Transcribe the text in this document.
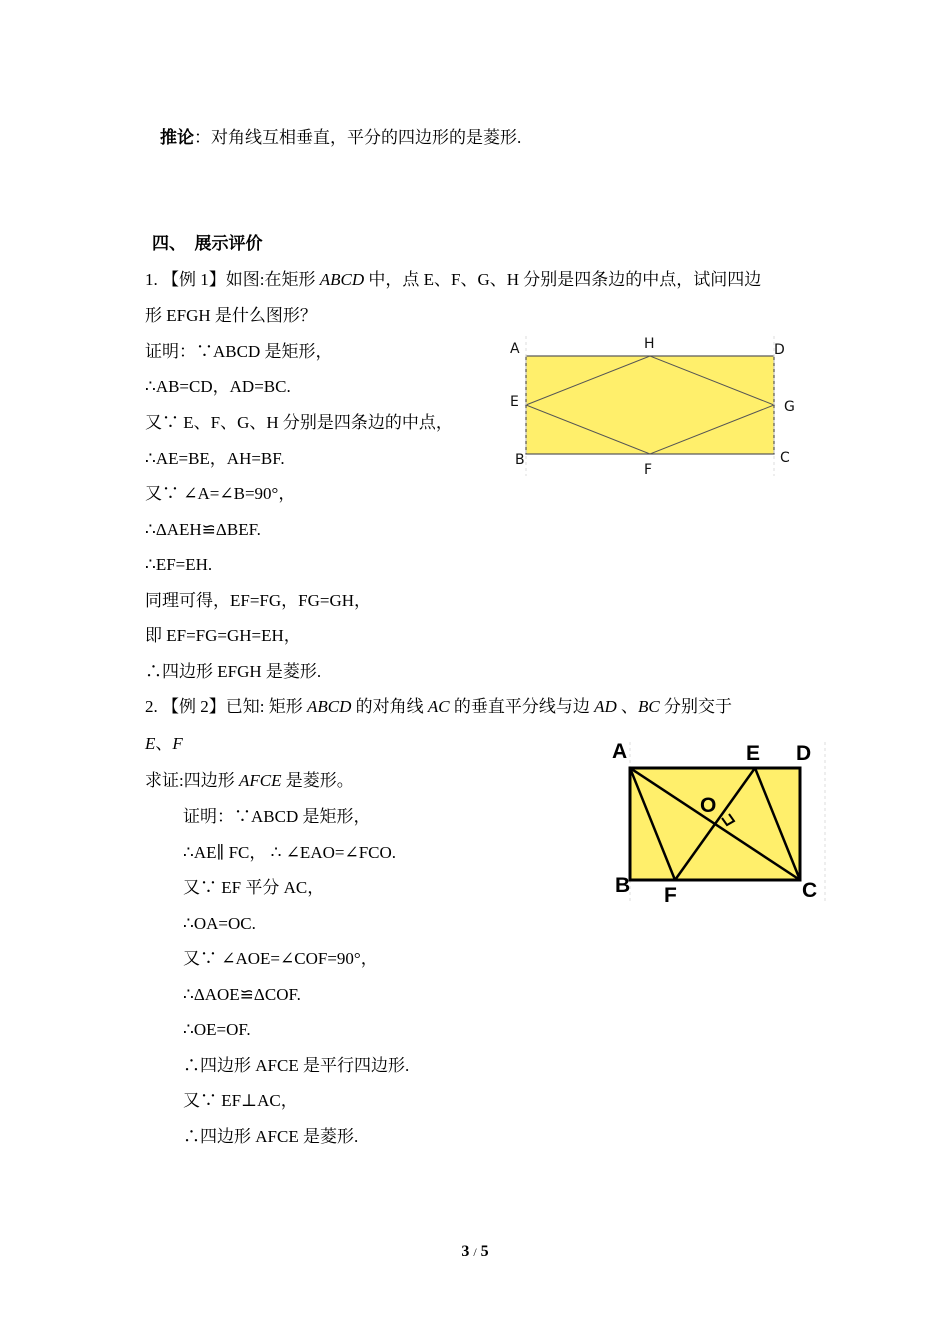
推论：对角线互相垂直，平分的四边形的是菱形.
四、  展示评价
1. 【例 1】如图:在矩形 ABCD 中，点 E、F、G、H 分别是四条边的中点，试问四边
形 EFGH 是什么图形？
证明：∵ABCD 是矩形，
∴AB=CD，AD=BC.
又∵ E、F、G、H 分别是四条边的中点，
∴AE=BE，AH=BF.
又∵ ∠A=∠B=90°，
∴ΔAEH≌ΔBEF.
∴EF=EH.
同理可得，EF=FG，FG=GH，
即 EF=FG=GH=EH，
∴四边形 EFGH 是菱形.
A	H	D
E	G
B
F
C
2. 【例 2】已知: 矩形 ABCD 的对角线 AC 的垂直平分线与边 AD 、BC 分别交于
E、F
求证:四边形 AFCE 是菱形。
证明：∵ABCD 是矩形，
∴AE∥ FC， ∴ ∠EAO=∠FCO.
又∵ EF 平分 AC，
∴OA=OC.
又∵ ∠AOE=∠COF=90°，
∴ΔAOE≌ΔCOF.
∴OE=OF.
∴四边形 AFCE 是平行四边形.
又∵ EF⊥AC，
∴四边形 AFCE 是菱形.
A	E D
O
B F	C
3 / 5
